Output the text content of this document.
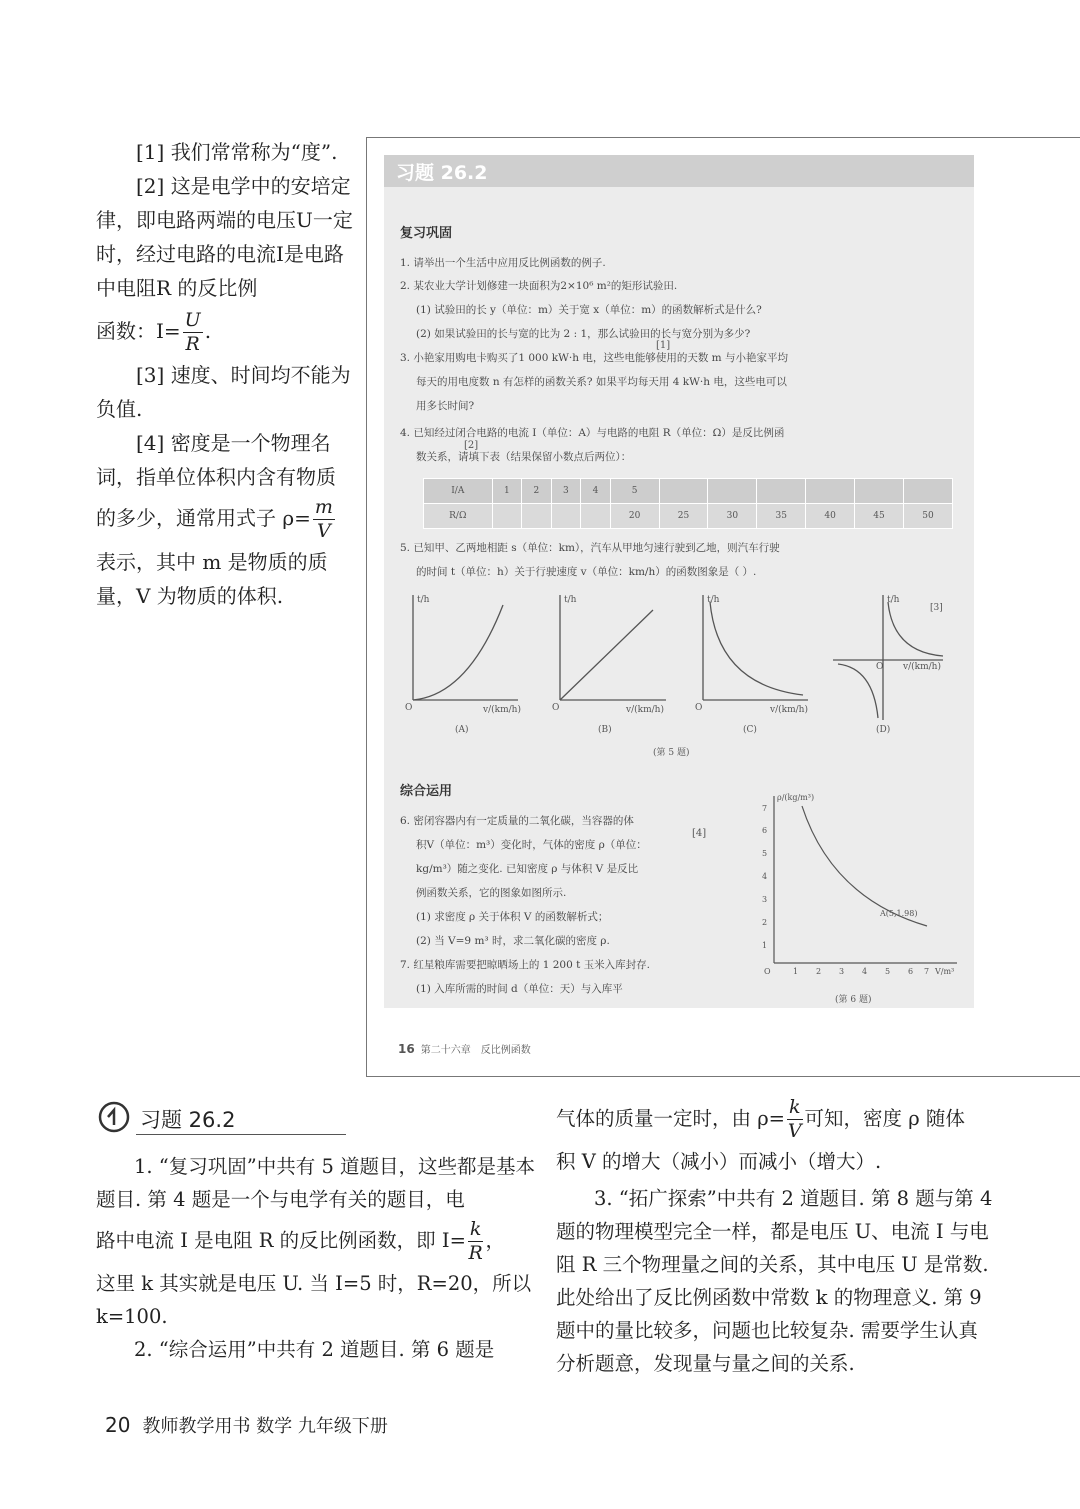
[1] 我们常常称为“度”.

[2] 这是电学中的安培定律，即电路两端的电压U一定时，经过电路的电流I是电路中电阻R 的反比例

函数：$I= \frac{U}{R}$ .

[3] 速度、时间均不能为负值.

[4] 密度是一个物理名词，指单位体积内含有物质

的多少，通常用式子 $\rho= \frac{m}{V}$

表示，其中 m 是物质的质量，V 为物质的体积.

习题 26.2
复习巩固
1. 请举出一个生活中应用反比例函数的例子.
2. 某农业大学计划修建一块面积为2×10⁶ m²的矩形试验田.
(1) 试验田的长 y（单位：m）关于宽 x（单位：m）的函数解析式是什么?
(2) 如果试验田的长与宽的比为 2 : 1，那么试验田的长与宽分别为多少?
3. 小艳家用购电卡购买了1 000 kW·h 电，这些电能够使用的天数 m 与小艳家平均
每天的用电度数 n 有怎样的函数关系? 如果平均每天用 4 kW·h 电，这些电可以
用多长时间?
4. 已知经过闭合电路的电流 I（单位：A）与电路的电阻 R（单位：Ω）是反比例函
数关系，请填下表（结果保留小数点后两位）：
[1]
[2]
I/A	1	2	3	4	5						
R/Ω					20	25	30	35	40	45	50
5. 已知甲、乙两地相距 s（单位：km），汽车从甲地匀速行驶到乙地，则汽车行驶
的时间 t（单位：h）关于行驶速度 v（单位：km/h）的函数图象是（ ）.
t/h	t/h	t/h	t/h
v/(km/h)	v/(km/h)	v/(km/h)
v/(km/h)
O	O	O
O
(A)	(B)	(C)	(D)
[3]
(第 5 题)
综合运用
6. 密闭容器内有一定质量的二氧化碳，当容器的体
积V（单位：m³）变化时，气体的密度 ρ（单位：
kg/m³）随之变化. 已知密度 ρ 与体积 V 是反比
例函数关系，它的图象如图所示.
(1) 求密度 ρ 关于体积 V 的函数解析式；
(2) 当 V=9 m³ 时，求二氧化碳的密度 ρ.
7. 红星粮库需要把晾晒场上的 1 200 t 玉米入库封存.
(1) 入库所需的时间 d（单位：天）与入库平
[4]
ρ/(kg/m³)
V/m³
A(5,1.98)
7
6
5
4
3
2
1
O	1 2 3 4 5 6 7
(第 6 题)
16 第二十六章　反比例函数
习题 26.2

1. “复习巩固”中共有 5 道题目，这些都是基本题目. 第 4 题是一个与电学有关的题目，电

路中电流 I 是电阻 R 的反比例函数，即 $I= \frac{k}{R}$ ，

这里 k 其实就是电压 U. 当 I=5 时，R=20，所以 k=100.

2. “综合运用”中共有 2 道题目. 第 6 题是

气体的质量一定时，由 $\rho= \frac{k}{V}$ 可知，密度 ρ 随体

积 V 的增大（减小）而减小（增大）.

3. “拓广探索”中共有 2 道题目. 第 8 题与第 4 题的物理模型完全一样，都是电压 U、电流 I 与电阻 R 三个物理量之间的关系，其中电压 U 是常数. 此处给出了反比例函数中常数 k 的物理意义. 第 9 题中的量比较多，问题也比较复杂. 需要学生认真分析题意，发现量与量之间的关系.

20 教师教学用书 数学 九年级下册
